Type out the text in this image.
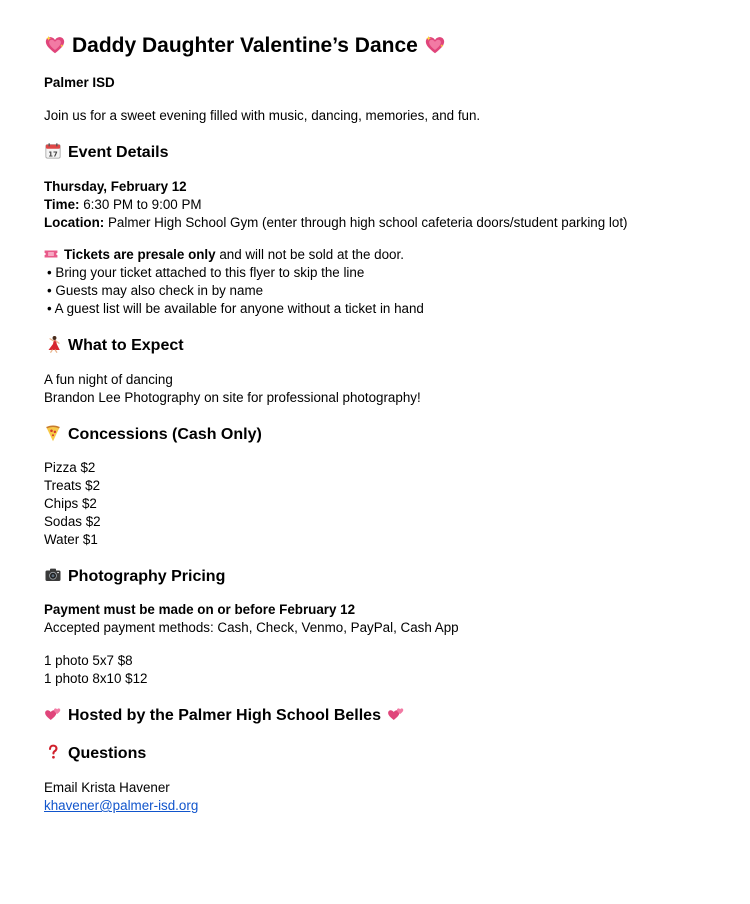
Daddy Daughter Valentine’s Dance
Palmer ISD
Join us for a sweet evening filled with music, dancing, memories, and fun.
17 Event Details
Thursday, February 12
Time: 6:30 PM to 9:00 PM
Location: Palmer High School Gym (enter through high school cafeteria doors/student parking lot)
Tickets are presale only and will not be sold at the door.
• Bring your ticket attached to this flyer to skip the line
• Guests may also check in by name
• A guest list will be available for anyone without a ticket in hand
What to Expect
A fun night of dancing
Brandon Lee Photography on site for professional photography!
Concessions (Cash Only)
Pizza $2
Treats $2
Chips $2
Sodas $2
Water $1
Photography Pricing
Payment must be made on or before February 12
Accepted payment methods: Cash, Check, Venmo, PayPal, Cash App
1 photo 5x7 $8
1 photo 8x10 $12
Hosted by the Palmer High School Belles
Questions
Email Krista Havener
khavener@palmer-isd.org
